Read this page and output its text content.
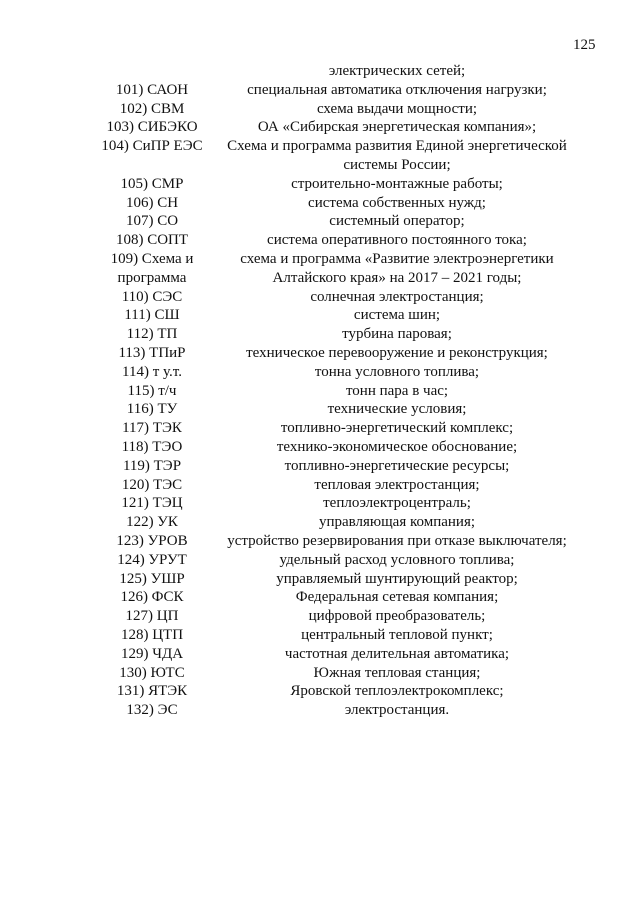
125
электрических сетей;
101) САОН	специальная автоматика отключения нагрузки;
102) СВМ	схема выдачи мощности;
103) СИБЭКО	ОА «Сибирская энергетическая компания»;
104) СиПР ЕЭС	Схема и программа развития Единой энергетической
системы России;
105) СМР	строительно-монтажные работы;
106) СН	система собственных нужд;
107) СО	системный оператор;
108) СОПТ	система оперативного постоянного тока;
109) Схема и	схема и программа «Развитие электроэнергетики
программа	Алтайского края» на 2017 – 2021 годы;
110) СЭС	солнечная электростанция;
111) СШ	система шин;
112) ТП	турбина паровая;
113) ТПиР	техническое перевооружение и реконструкция;
114) т у.т.	тонна условного топлива;
115) т/ч	тонн пара в час;
116) ТУ	технические условия;
117) ТЭК	топливно-энергетический комплекс;
118) ТЭО	технико-экономическое обоснование;
119) ТЭР	топливно-энергетические ресурсы;
120) ТЭС	тепловая электростанция;
121) ТЭЦ	теплоэлектроцентраль;
122) УК	управляющая компания;
123) УРОВ	устройство резервирования при отказе выключателя;
124) УРУТ	удельный расход условного топлива;
125) УШР	управляемый шунтирующий реактор;
126) ФСК	Федеральная сетевая компания;
127) ЦП	цифровой преобразователь;
128) ЦТП	центральный тепловой пункт;
129) ЧДА	частотная делительная автоматика;
130) ЮТС	Южная тепловая станция;
131) ЯТЭК	Яровской теплоэлектрокомплекс;
132) ЭС	электростанция.
